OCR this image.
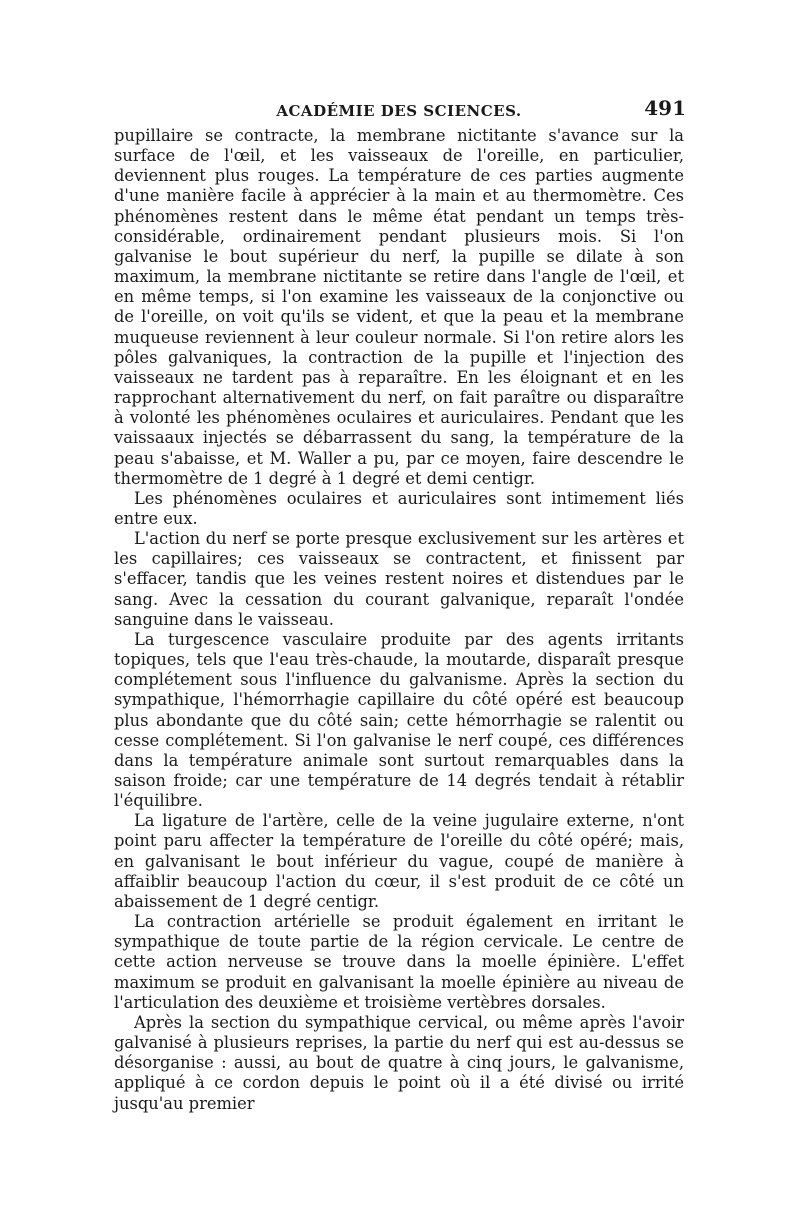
ACADÉMIE DES SCIENCES.	491

pupillaire se contracte, la membrane nictitante s'avance sur la surface de l'œil, et les vaisseaux de l'oreille, en particulier, deviennent plus rouges. La température de ces parties augmente d'une manière facile à apprécier à la main et au thermomètre. Ces phénomènes restent dans le même état pendant un temps très-considérable, ordinairement pendant plusieurs mois. Si l'on galvanise le bout supérieur du nerf, la pupille se dilate à son maximum, la membrane nictitante se retire dans l'angle de l'œil, et en même temps, si l'on examine les vaisseaux de la conjonctive ou de l'oreille, on voit qu'ils se vident, et que la peau et la membrane muqueuse reviennent à leur couleur normale. Si l'on retire alors les pôles galvaniques, la contraction de la pupille et l'injection des vaisseaux ne tardent pas à reparaître. En les éloignant et en les rapprochant alternativement du nerf, on fait paraître ou disparaître à volonté les phénomènes oculaires et auriculaires. Pendant que les vaissaaux injectés se débarrassent du sang, la température de la peau s'abaisse, et M. Waller a pu, par ce moyen, faire descendre le thermomètre de 1 degré à 1 degré et demi centigr.

Les phénomènes oculaires et auriculaires sont intimement liés entre eux.

L'action du nerf se porte presque exclusivement sur les artères et les capillaires; ces vaisseaux se contractent, et finissent par s'effacer, tandis que les veines restent noires et distendues par le sang. Avec la cessation du courant galvanique, reparaît l'ondée sanguine dans le vaisseau.

La turgescence vasculaire produite par des agents irritants topiques, tels que l'eau très-chaude, la moutarde, disparaît presque complétement sous l'influence du galvanisme. Après la section du sympathique, l'hémorrhagie capillaire du côté opéré est beaucoup plus abondante que du côté sain; cette hémorrhagie se ralentit ou cesse complétement. Si l'on galvanise le nerf coupé, ces différences dans la température animale sont surtout remarquables dans la saison froide; car une température de 14 degrés tendait à rétablir l'équilibre.

La ligature de l'artère, celle de la veine jugulaire externe, n'ont point paru affecter la température de l'oreille du côté opéré; mais, en galvanisant le bout inférieur du vague, coupé de manière à affaiblir beaucoup l'action du cœur, il s'est produit de ce côté un abaissement de 1 degré centigr.

La contraction artérielle se produit également en irritant le sympathique de toute partie de la région cervicale. Le centre de cette action nerveuse se trouve dans la moelle épinière. L'effet maximum se produit en galvanisant la moelle épinière au niveau de l'articulation des deuxième et troisième vertèbres dorsales.

Après la section du sympathique cervical, ou même après l'avoir galvanisé à plusieurs reprises, la partie du nerf qui est au-dessus se désorganise : aussi, au bout de quatre à cinq jours, le galvanisme, appliqué à ce cordon depuis le point où il a été divisé ou irrité jusqu'au premier
